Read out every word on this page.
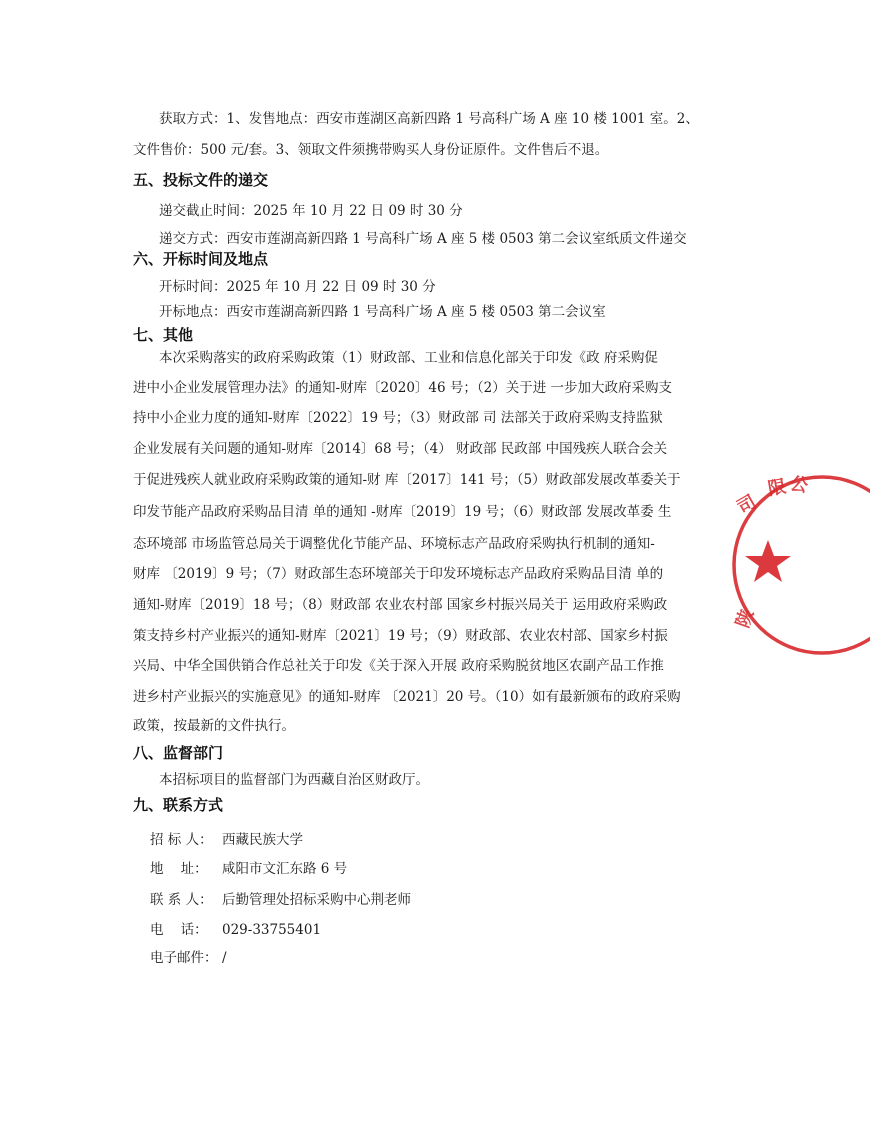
获取方式：1、发售地点：西安市莲湖区高新四路 1 号高科广场 A 座 10 楼 1001 室。2、
文件售价：500 元/套。3、领取文件须携带购买人身份证原件。文件售后不退。
五、投标文件的递交
递交截止时间：2025 年 10 月 22 日 09 时 30 分
递交方式：西安市莲湖高新四路 1 号高科广场 A 座 5 楼 0503 第二会议室纸质文件递交
六、开标时间及地点
开标时间：2025 年 10 月 22 日 09 时 30 分
开标地点：西安市莲湖高新四路 1 号高科广场 A 座 5 楼 0503 第二会议室
七、其他
本次采购落实的政府采购政策（1）财政部、工业和信息化部关于印发《政 府采购促
进中小企业发展管理办法》的通知-财库〔2020〕46 号；（2）关于进 一步加大政府采购支
持中小企业力度的通知-财库〔2022〕19 号；（3）财政部 司 法部关于政府采购支持监狱
企业发展有关问题的通知-财库〔2014〕68 号；（4） 财政部 民政部 中国残疾人联合会关
于促进残疾人就业政府采购政策的通知-财 库〔2017〕141 号；（5）财政部发展改革委关于
印发节能产品政府采购品目清 单的通知 -财库〔2019〕19 号；（6）财政部 发展改革委 生
态环境部 市场监管总局关于调整优化节能产品、环境标志产品政府采购执行机制的通知-
财库 〔2019〕9 号；（7）财政部生态环境部关于印发环境标志产品政府采购品目清 单的
通知-财库〔2019〕18 号；（8）财政部 农业农村部 国家乡村振兴局关于 运用政府采购政
策支持乡村产业振兴的通知-财库〔2021〕19 号；（9）财政部、农业农村部、国家乡村振
兴局、中华全国供销合作总社关于印发《关于深入开展 政府采购脱贫地区农副产品工作推
进乡村产业振兴的实施意见》的通知-财库 〔2021〕20 号。（10）如有最新颁布的政府采购
政策，按最新的文件执行。
八、监督部门
本招标项目的监督部门为西藏自治区财政厅。
九、联系方式
招 标 人： 西藏民族大学
地    址： 咸阳市文汇东路 6 号
联 系 人： 后勤管理处招标采购中心荆老师
电    话： 029-33755401
电子邮件： /
司
限 公
陕
